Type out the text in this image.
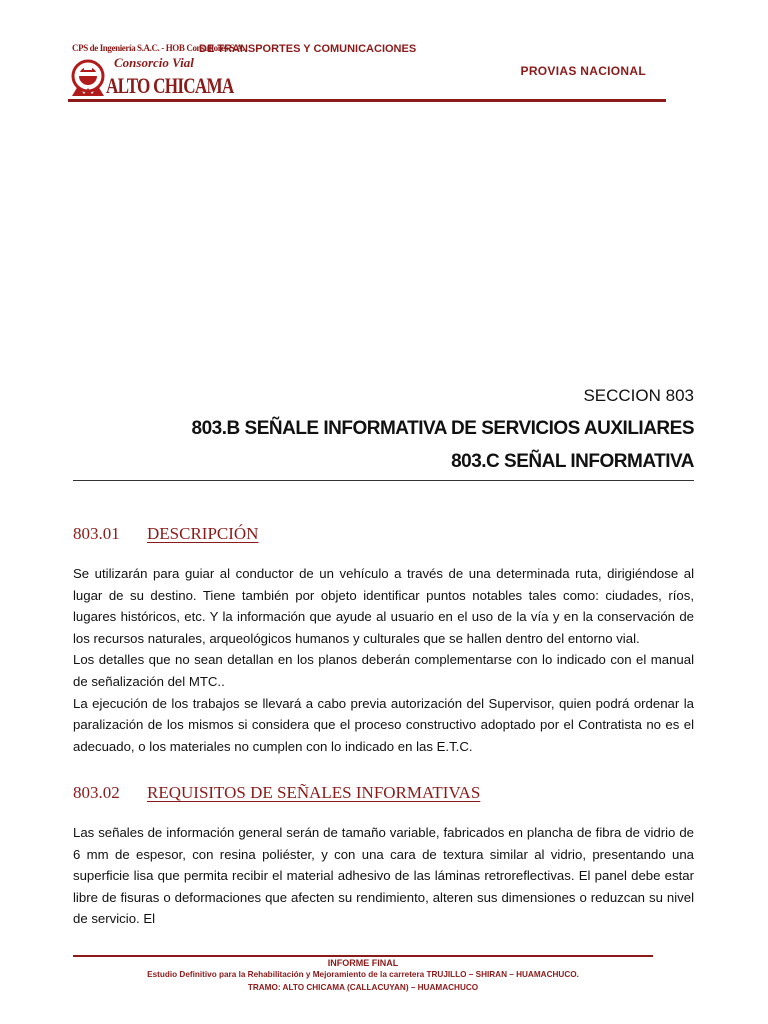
CPS de Ingeniería S.A.C. - HOB Consultores S.A.
Consorcio Vial
ALTO CHICAMA
DE TRANSPORTES Y COMUNICACIONES
PROVIAS NACIONAL
SECCION 803
803.B SEÑALE INFORMATIVA DE SERVICIOS AUXILIARES
803.C SEÑAL INFORMATIVA
803.01 DESCRIPCIÓN
Se utilizarán para guiar al conductor de un vehículo a través de una determinada ruta, dirigiéndose al lugar de su destino. Tiene también por objeto identificar puntos notables tales como: ciudades, ríos, lugares históricos, etc. Y la información que ayude al usuario en el uso de la vía y en la conservación de los recursos naturales, arqueológicos humanos y culturales que se hallen dentro del entorno vial.
Los detalles que no sean detallan en los planos deberán complementarse con lo indicado con el manual de señalización del MTC..
La ejecución de los trabajos se llevará a cabo previa autorización del Supervisor, quien podrá ordenar la paralización de los mismos si considera que el proceso constructivo adoptado por el Contratista no es el adecuado, o los materiales no cumplen con lo indicado en las E.T.C.
803.02 REQUISITOS DE SEÑALES INFORMATIVAS
Las señales de información general serán de tamaño variable, fabricados en plancha de fibra de vidrio de 6 mm de espesor, con resina poliéster, y con una cara de textura similar al vidrio, presentando una superficie lisa que permita recibir el material adhesivo de las láminas retroreflectivas. El panel debe estar libre de fisuras o deformaciones que afecten su rendimiento, alteren sus dimensiones o reduzcan su nivel de servicio. El
INFORME FINAL
Estudio Definitivo para la Rehabilitación y Mejoramiento de la carretera TRUJILLO – SHIRAN – HUAMACHUCO.
TRAMO: ALTO CHICAMA (CALLACUYAN) – HUAMACHUCO
